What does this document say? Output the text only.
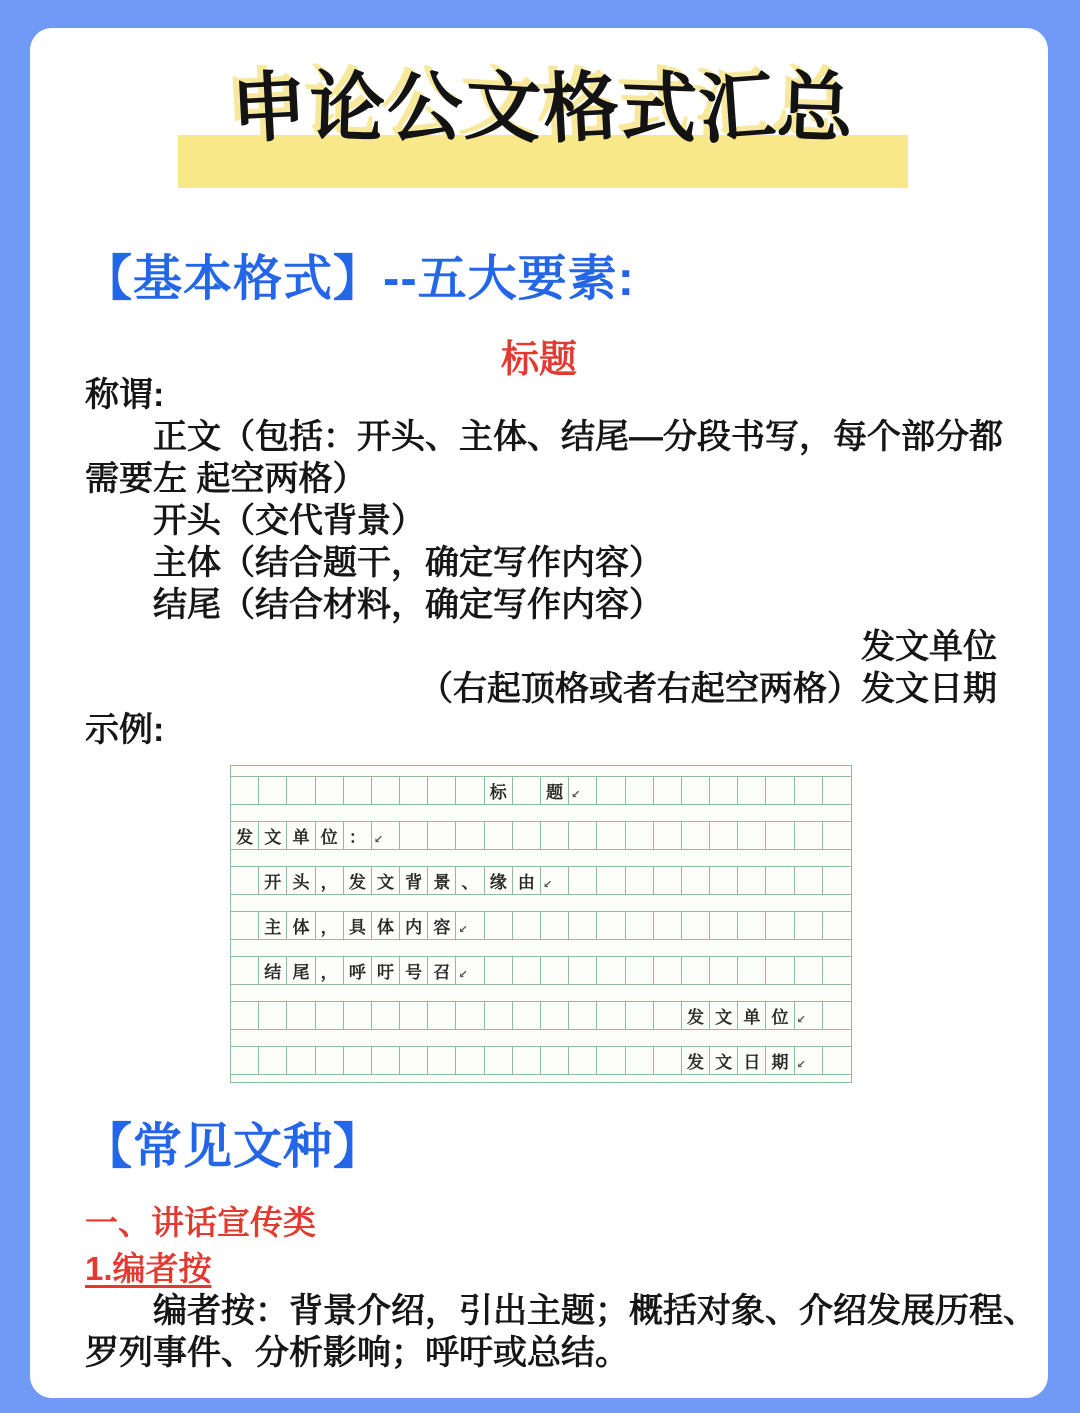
申论公文格式汇总
【基本格式】--五大要素:

标题

称谓:
正文（包括：开头、主体、结尾—分段书写，每个部分都
需要左 起空两格）
开头（交代背景）
主体（结合题干，确定写作内容）
结尾（结合材料，确定写作内容）
发文单位
（右起顶格或者右起空两格）发文日期

示例:

标	题 ↙
发 文 单 位 ： ↙
开 头 ， 发 文 背 景 、 缘 由 ↙
主 体 ， 具 体 内 容 ↙
结 尾 ， 呼 吁 号 召 ↙
发 文 单 位 ↙
发 文 日 期 ↙
【常见文种】

一、讲话宣传类

1.编者按

编者按：背景介绍，引出主题；概括对象、介绍发展历程、
罗列事件、分析影响；呼吁或总结。
